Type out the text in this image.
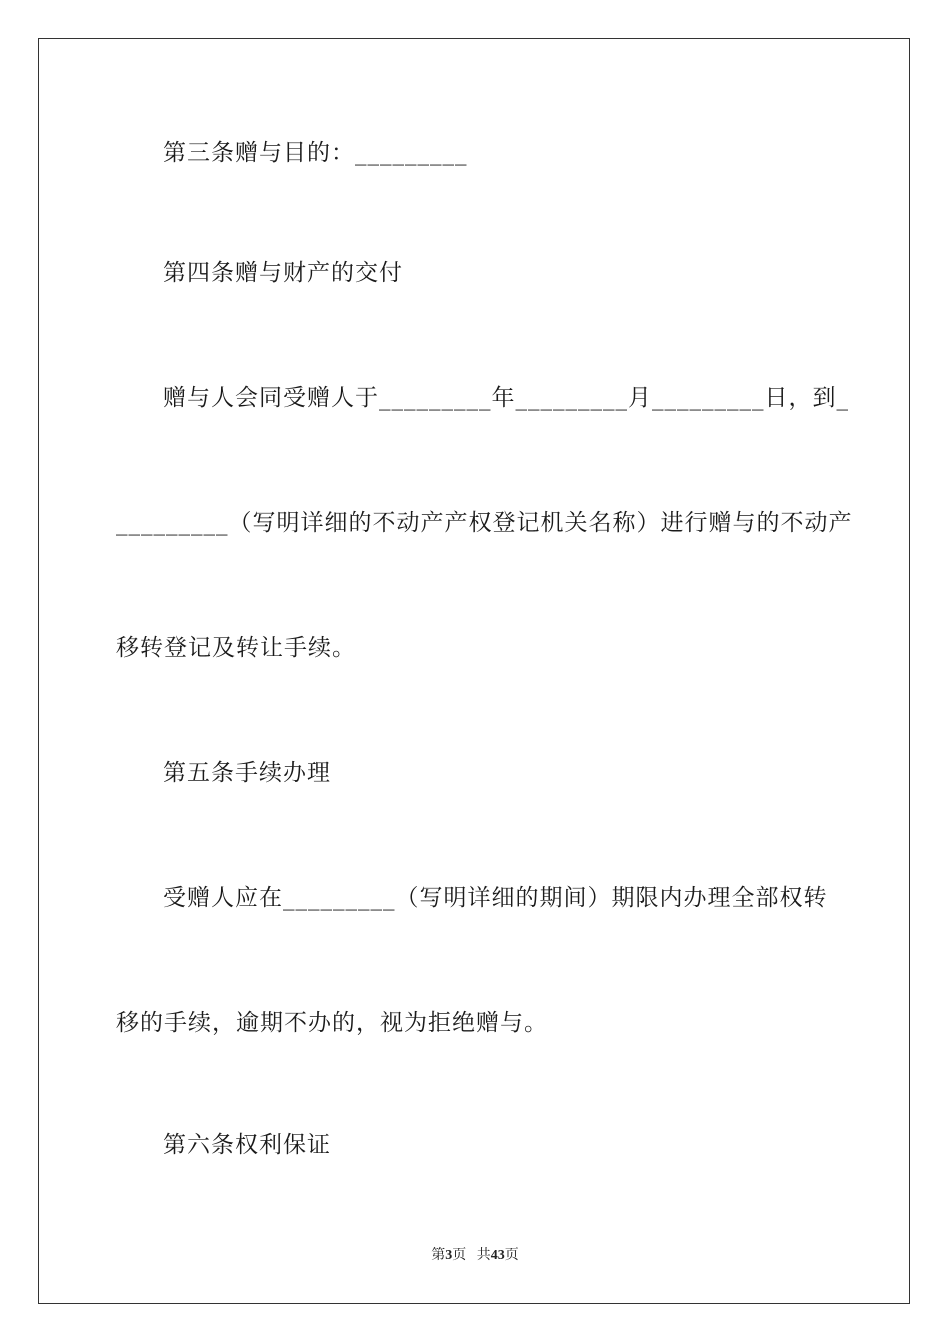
第三条赠与目的：_________
第四条赠与财产的交付
赠与人会同受赠人于_________年_________月_________日，到_
_________（写明详细的不动产产权登记机关名称）进行赠与的不动产
移转登记及转让手续。
第五条手续办理
受赠人应在_________（写明详细的期间）期限内办理全部权转
移的手续，逾期不办的，视为拒绝赠与。
第六条权利保证
第3页 共43页
